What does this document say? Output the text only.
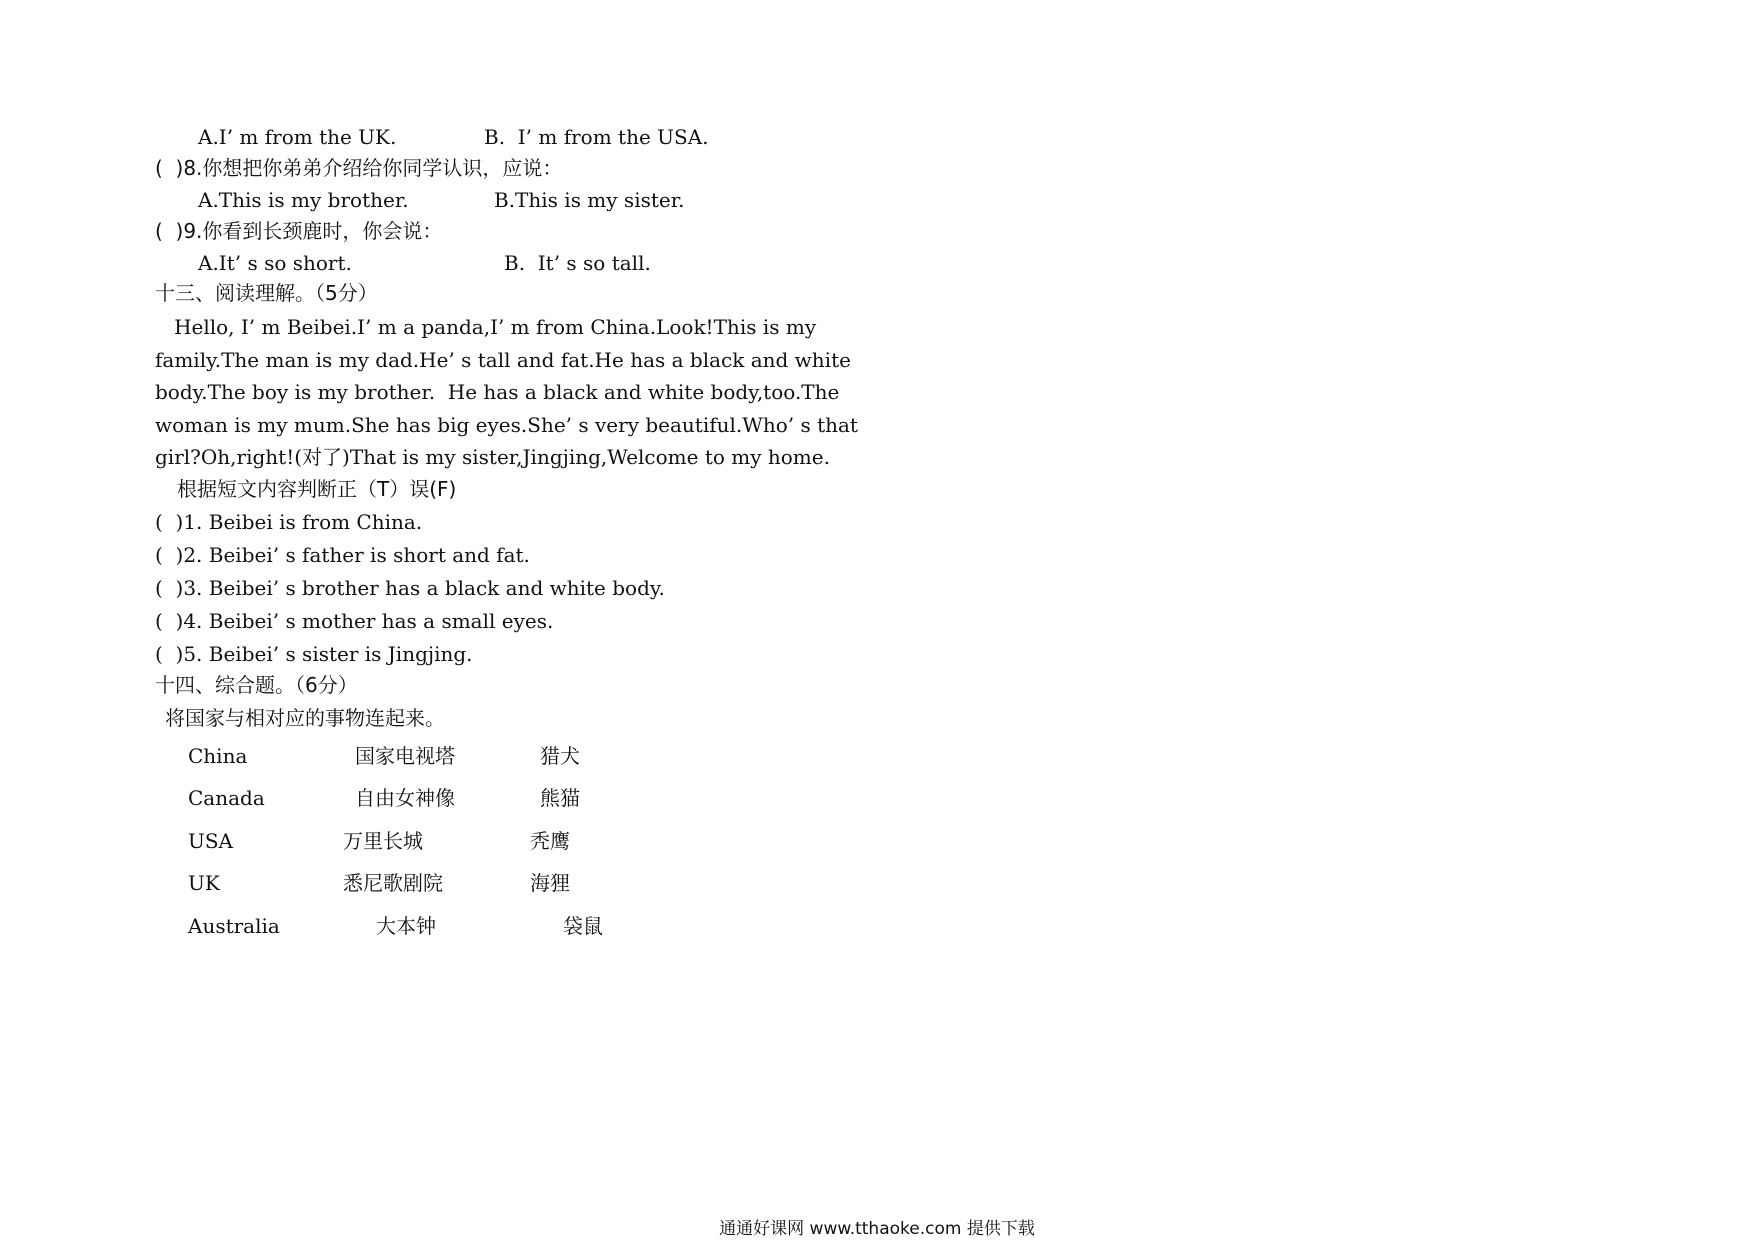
A.I’ m from the UK.	B.  I’ m from the USA.
(  )8.你想把你弟弟介绍给你同学认识，应说：
A.This is my brother.	B.This is my sister.
(  )9.你看到长颈鹿时，你会说：
A.It’ s so short.	B.  It’ s so tall.
十三、阅读理解。（5分）
Hello, I’ m Beibei.I’ m a panda,I’ m from China.Look!This is my
family.The man is my dad.He’ s tall and fat.He has a black and white
body.The boy is my brother.  He has a black and white body,too.The
woman is my mum.She has big eyes.She’ s very beautiful.Who’ s that
girl?Oh,right!(对了)That is my sister,Jingjing,Welcome to my home.
根据短文内容判断正（T）误(F)
(  )1. Beibei is from China.
(  )2. Beibei’ s father is short and fat.
(  )3. Beibei’ s brother has a black and white body.
(  )4. Beibei’ s mother has a small eyes.
(  )5. Beibei’ s sister is Jingjing.
十四、综合题。（6分）
将国家与相对应的事物连起来。
China	国家电视塔	猎犬
Canada	自由女神像	熊猫
USA	万里长城	秃鹰
UK	悉尼歌剧院	海狸
Australia	大本钟	袋鼠
通通好课网 www.tthaoke.com 提供下载
